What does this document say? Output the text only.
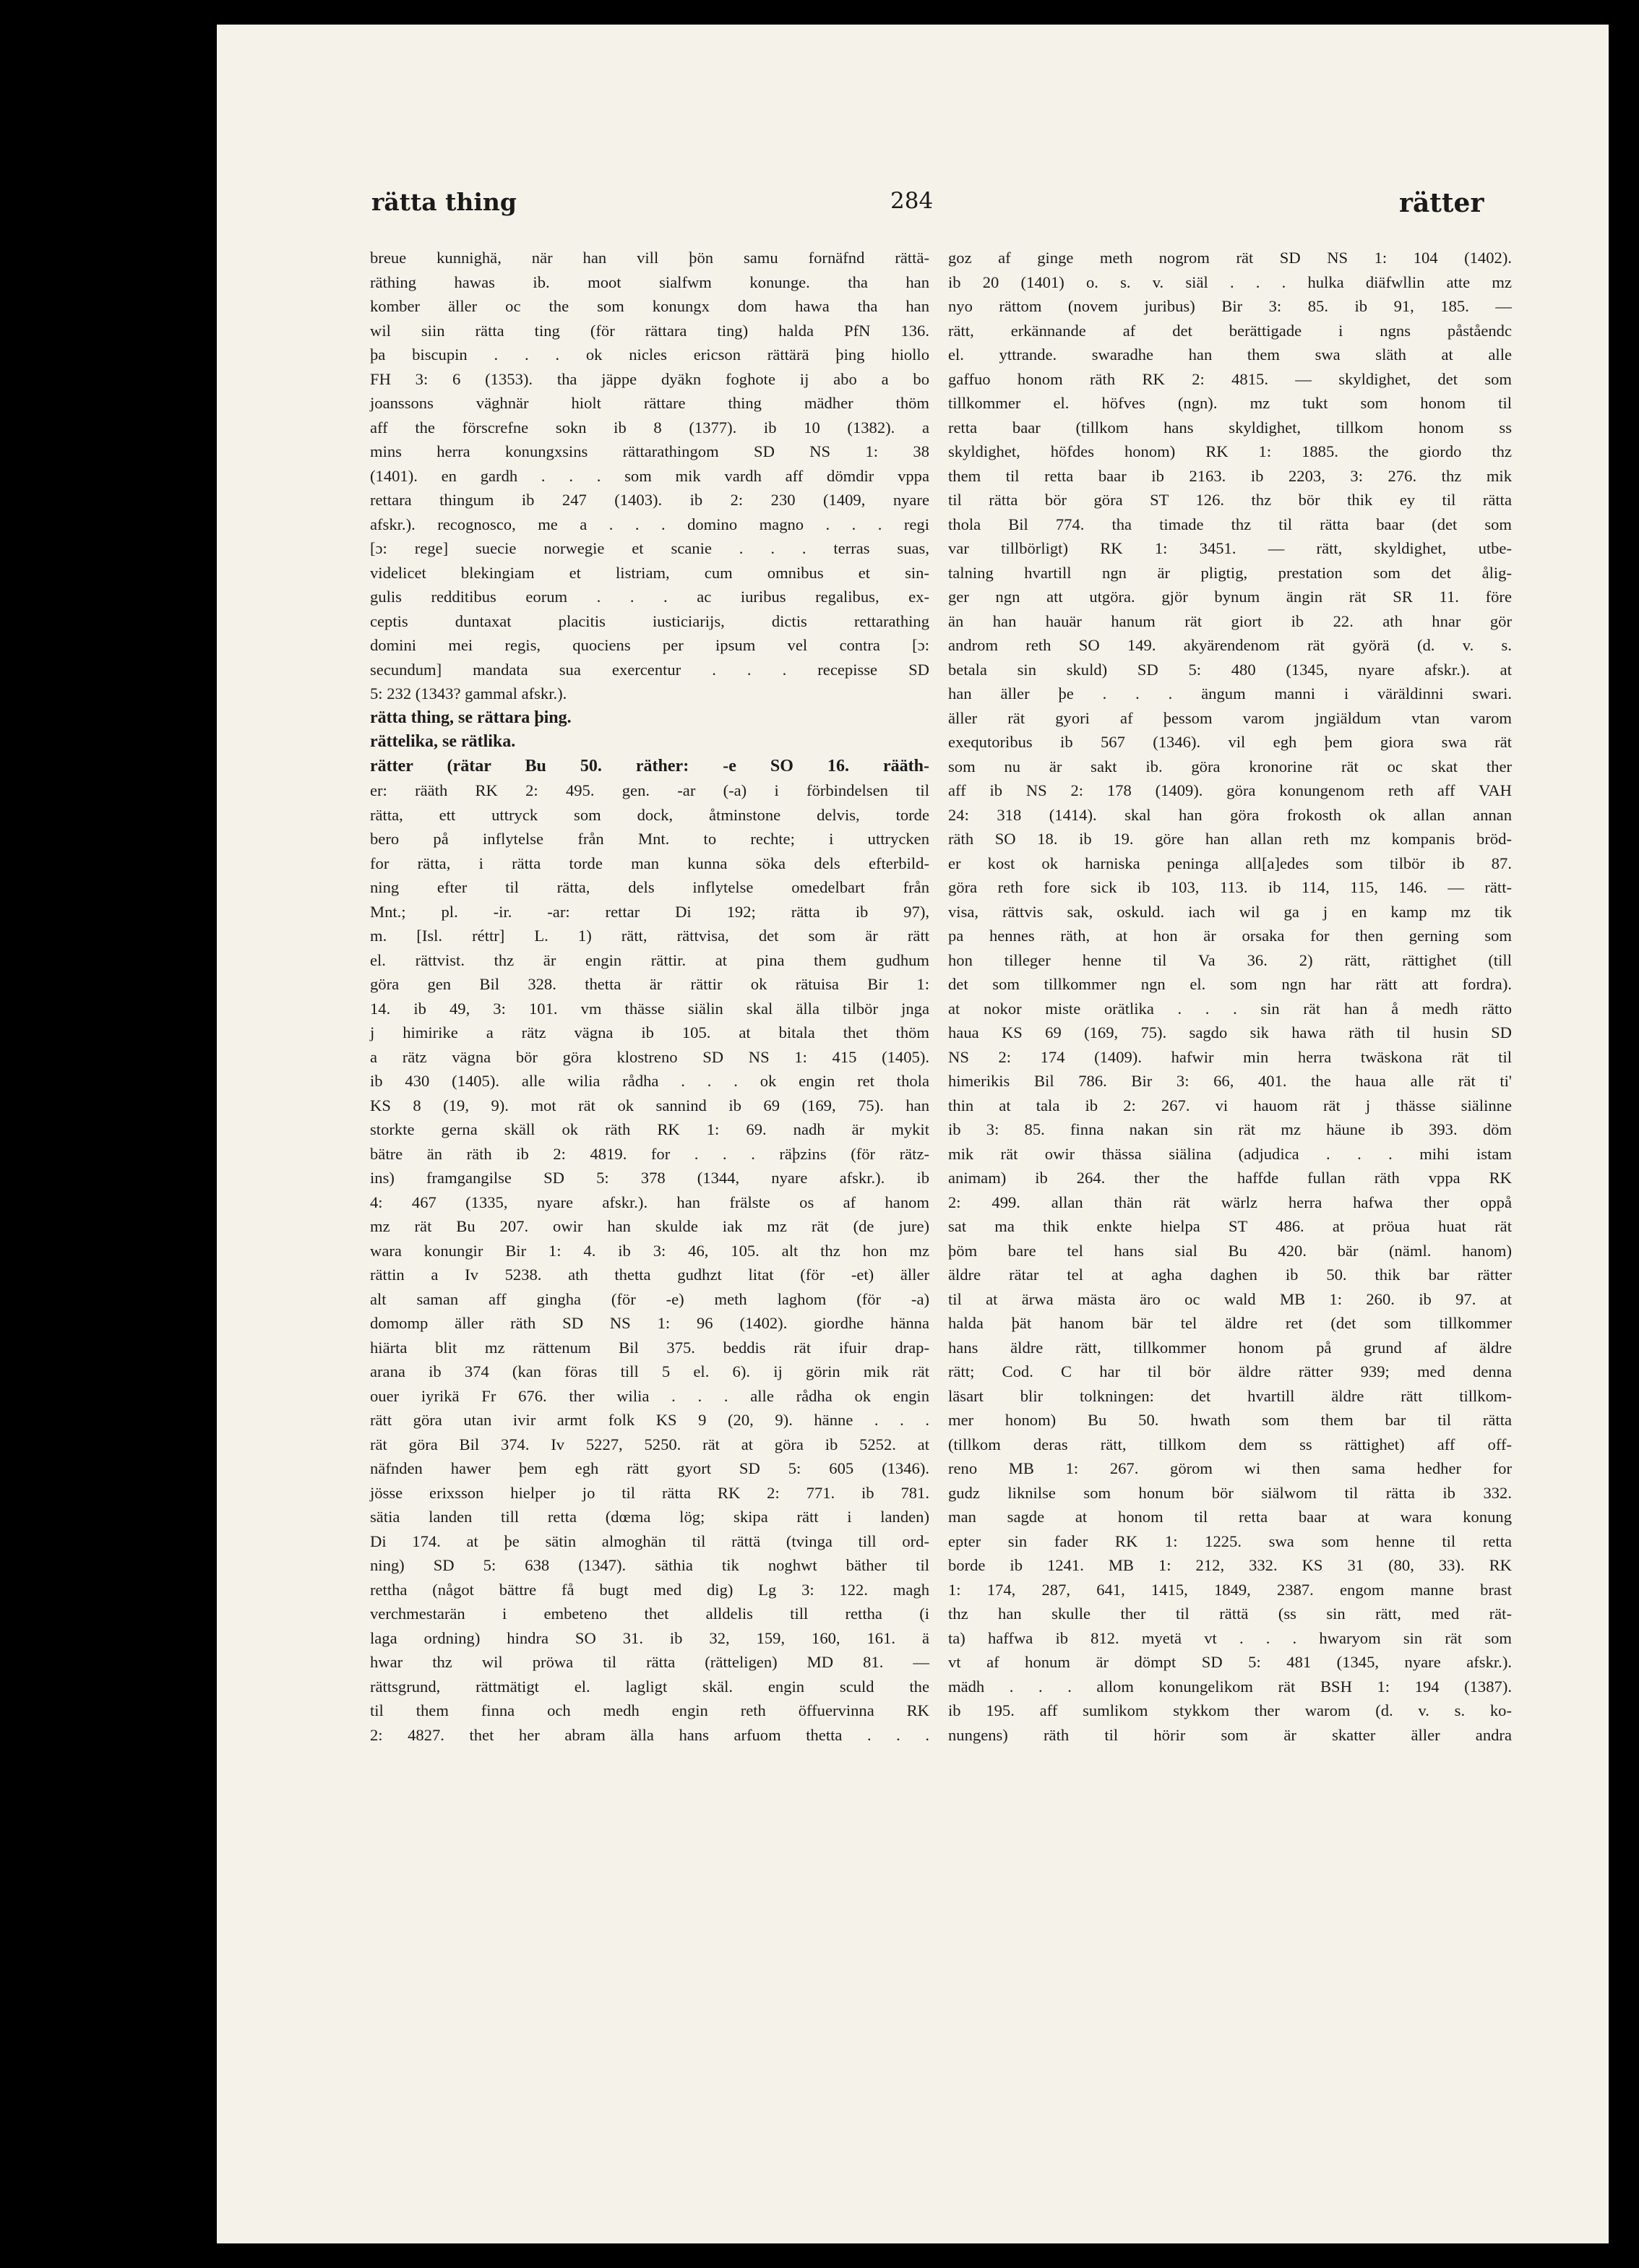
rätta thing	284	rätter

breue kunnighä, när han vill þön samu fornäfnd rättä-

räthing hawas ib. moot sialfwm konunge. tha han

komber äller oc the som konungx dom hawa tha han

wil siin rätta ting (för rättara ting) halda PfN 136.

þa biscupin . . . ok nicles ericson rättärä þing hiollo

FH 3: 6 (1353). tha jäppe dyäkn foghote ij abo a bo

joanssons väghnär hiolt rättare thing mädher thöm

aff the förscrefne sokn ib 8 (1377). ib 10 (1382). a

mins herra konungxsins rättarathingom SD NS 1: 38

(1401). en gardh . . . som mik vardh aff dömdir vppa

rettara thingum ib 247 (1403). ib 2: 230 (1409, nyare

afskr.). recognosco, me a . . . domino magno . . . regi

[ɔ: rege] suecie norwegie et scanie . . . terras suas,

videlicet blekingiam et listriam, cum omnibus et sin-

gulis redditibus eorum . . . ac iuribus regalibus, ex-

ceptis duntaxat placitis iusticiarijs, dictis rettarathing

domini mei regis, quociens per ipsum vel contra [ɔ:

secundum] mandata sua exercentur . . . recepisse SD

5: 232 (1343? gammal afskr.).

rätta thing, se rättara þing.

rättelika, se rätlika.

rätter (rätar Bu 50. räther: -e SO 16. rääth-

er: rääth RK 2: 495. gen. -ar (-a) i förbindelsen til

rätta, ett uttryck som dock, åtminstone delvis, torde

bero på inflytelse från Mnt. to rechte; i uttrycken

for rätta, i rätta torde man kunna söka dels efterbild-

ning efter til rätta, dels inflytelse omedelbart från

Mnt.; pl. -ir. -ar: rettar Di 192; rätta ib 97),

m. [Isl. réttr] L. 1) rätt, rättvisa, det som är rätt

el. rättvist. thz är engin rättir. at pina them gudhum

göra gen Bil 328. thetta är rättir ok rätuisa Bir 1:

14. ib 49, 3: 101. vm thässe siälin skal älla tilbör jnga

j himirike a rätz vägna ib 105. at bitala thet thöm

a rätz vägna bör göra klostreno SD NS 1: 415 (1405).

ib 430 (1405). alle wilia rådha . . . ok engin ret thola

KS 8 (19, 9). mot rät ok sannind ib 69 (169, 75). han

storkte gerna skäll ok räth RK 1: 69. nadh är mykit

bätre än räth ib 2: 4819. for . . . räþzins (för rätz-

ins) framgangilse SD 5: 378 (1344, nyare afskr.). ib

4: 467 (1335, nyare afskr.). han frälste os af hanom

mz rät Bu 207. owir han skulde iak mz rät (de jure)

wara konungir Bir 1: 4. ib 3: 46, 105. alt thz hon mz

rättin a Iv 5238. ath thetta gudhzt litat (för -et) äller

alt saman aff gingha (för -e) meth laghom (för -a)

domomp äller räth SD NS 1: 96 (1402). giordhe hänna

hiärta blit mz rättenum Bil 375. beddis rät ifuir drap-

arana ib 374 (kan föras till 5 el. 6). ij görin mik rät

ouer iyrikä Fr 676. ther wilia . . . alle rådha ok engin

rätt göra utan ivir armt folk KS 9 (20, 9). hänne . . .

rät göra Bil 374. Iv 5227, 5250. rät at göra ib 5252. at

näfnden hawer þem egh rätt gyort SD 5: 605 (1346).

jösse erixsson hielper jo til rätta RK 2: 771. ib 781.

sätia landen till retta (dœma lög; skipa rätt i landen)

Di 174. at þe sätin almoghän til rättä (tvinga till ord-

ning) SD 5: 638 (1347). säthia tik noghwt bäther til

rettha (något bättre få bugt med dig) Lg 3: 122. magh

verchmestarän i embeteno thet alldelis till rettha (i

laga ordning) hindra SO 31. ib 32, 159, 160, 161. ä

hwar thz wil pröwa til rätta (rätteligen) MD 81. —

rättsgrund, rättmätigt el. lagligt skäl. engin sculd the

til them finna och medh engin reth öffuervinna RK

2: 4827. thet her abram älla hans arfuom thetta . . .

goz af ginge meth nogrom rät SD NS 1: 104 (1402).

ib 20 (1401) o. s. v. siäl . . . hulka diäfwllin atte mz

nyo rättom (novem juribus) Bir 3: 85. ib 91, 185. —

rätt, erkännande af det berättigade i ngns påståendc

el. yttrande. swaradhe han them swa släth at alle

gaffuo honom räth RK 2: 4815. — skyldighet, det som

tillkommer el. höfves (ngn). mz tukt som honom til

retta baar (tillkom hans skyldighet, tillkom honom ss

skyldighet, höfdes honom) RK 1: 1885. the giordo thz

them til retta baar ib 2163. ib 2203, 3: 276. thz mik

til rätta bör göra ST 126. thz bör thik ey til rätta

thola Bil 774. tha timade thz til rätta baar (det som

var tillbörligt) RK 1: 3451. — rätt, skyldighet, utbe-

talning hvartill ngn är pligtig, prestation som det ålig-

ger ngn att utgöra. gjör bynum ängin rät SR 11. före

än han hauär hanum rät giort ib 22. ath hnar gör

androm reth SO 149. akyärendenom rät györä (d. v. s.

betala sin skuld) SD 5: 480 (1345, nyare afskr.). at

han äller þe . . . ängum manni i väräldinni swari.

äller rät gyori af þessom varom jngiäldum vtan varom

exequtoribus ib 567 (1346). vil egh þem giora swa rät

som nu är sakt ib. göra kronorine rät oc skat ther

aff ib NS 2: 178 (1409). göra konungenom reth aff VAH

24: 318 (1414). skal han göra frokosth ok allan annan

räth SO 18. ib 19. göre han allan reth mz kompanis bröd-

er kost ok harniska peninga all[a]edes som tilbör ib 87.

göra reth fore sick ib 103, 113. ib 114, 115, 146. — rätt-

visa, rättvis sak, oskuld. iach wil ga j en kamp mz tik

pa hennes räth, at hon är orsaka for then gerning som

hon tilleger henne til Va 36. 2) rätt, rättighet (till

det som tillkommer ngn el. som ngn har rätt att fordra).

at nokor miste orätlika . . . sin rät han å medh rätto

haua KS 69 (169, 75). sagdo sik hawa räth til husin SD

NS 2: 174 (1409). hafwir min herra twäskona rät til

himerikis Bil 786. Bir 3: 66, 401. the haua alle rät ti'

thin at tala ib 2: 267. vi hauom rät j thässe siälinne

ib 3: 85. finna nakan sin rät mz häune ib 393. döm

mik rät owir thässa siälina (adjudica . . . mihi istam

animam) ib 264. ther the haffde fullan räth vppa RK

2: 499. allan thän rät wärlz herra hafwa ther oppå

sat ma thik enkte hielpa ST 486. at pröua huat rät

þöm bare tel hans sial Bu 420. bär (näml. hanom)

äldre rätar tel at agha daghen ib 50. thik bar rätter

til at ärwa mästa äro oc wald MB 1: 260. ib 97. at

halda þät hanom bär tel äldre ret (det som tillkommer

hans äldre rätt, tillkommer honom på grund af äldre

rätt; Cod. C har til bör äldre rätter 939; med denna

läsart blir tolkningen: det hvartill äldre rätt tillkom-

mer honom) Bu 50. hwath som them bar til rätta

(tillkom deras rätt, tillkom dem ss rättighet) aff off-

reno MB 1: 267. görom wi then sama hedher for

gudz liknilse som honum bör siälwom til rätta ib 332.

man sagde at honom til retta baar at wara konung

epter sin fader RK 1: 1225. swa som henne til retta

borde ib 1241. MB 1: 212, 332. KS 31 (80, 33). RK

1: 174, 287, 641, 1415, 1849, 2387. engom manne brast

thz han skulle ther til rättä (ss sin rätt, med rät-

ta) haffwa ib 812. myetä vt . . . hwaryom sin rät som

vt af honum är dömpt SD 5: 481 (1345, nyare afskr.).

mädh . . . allom konungelikom rät BSH 1: 194 (1387).

ib 195. aff sumlikom stykkom ther warom (d. v. s. ko-

nungens) räth til hörir som är skatter äller andra
